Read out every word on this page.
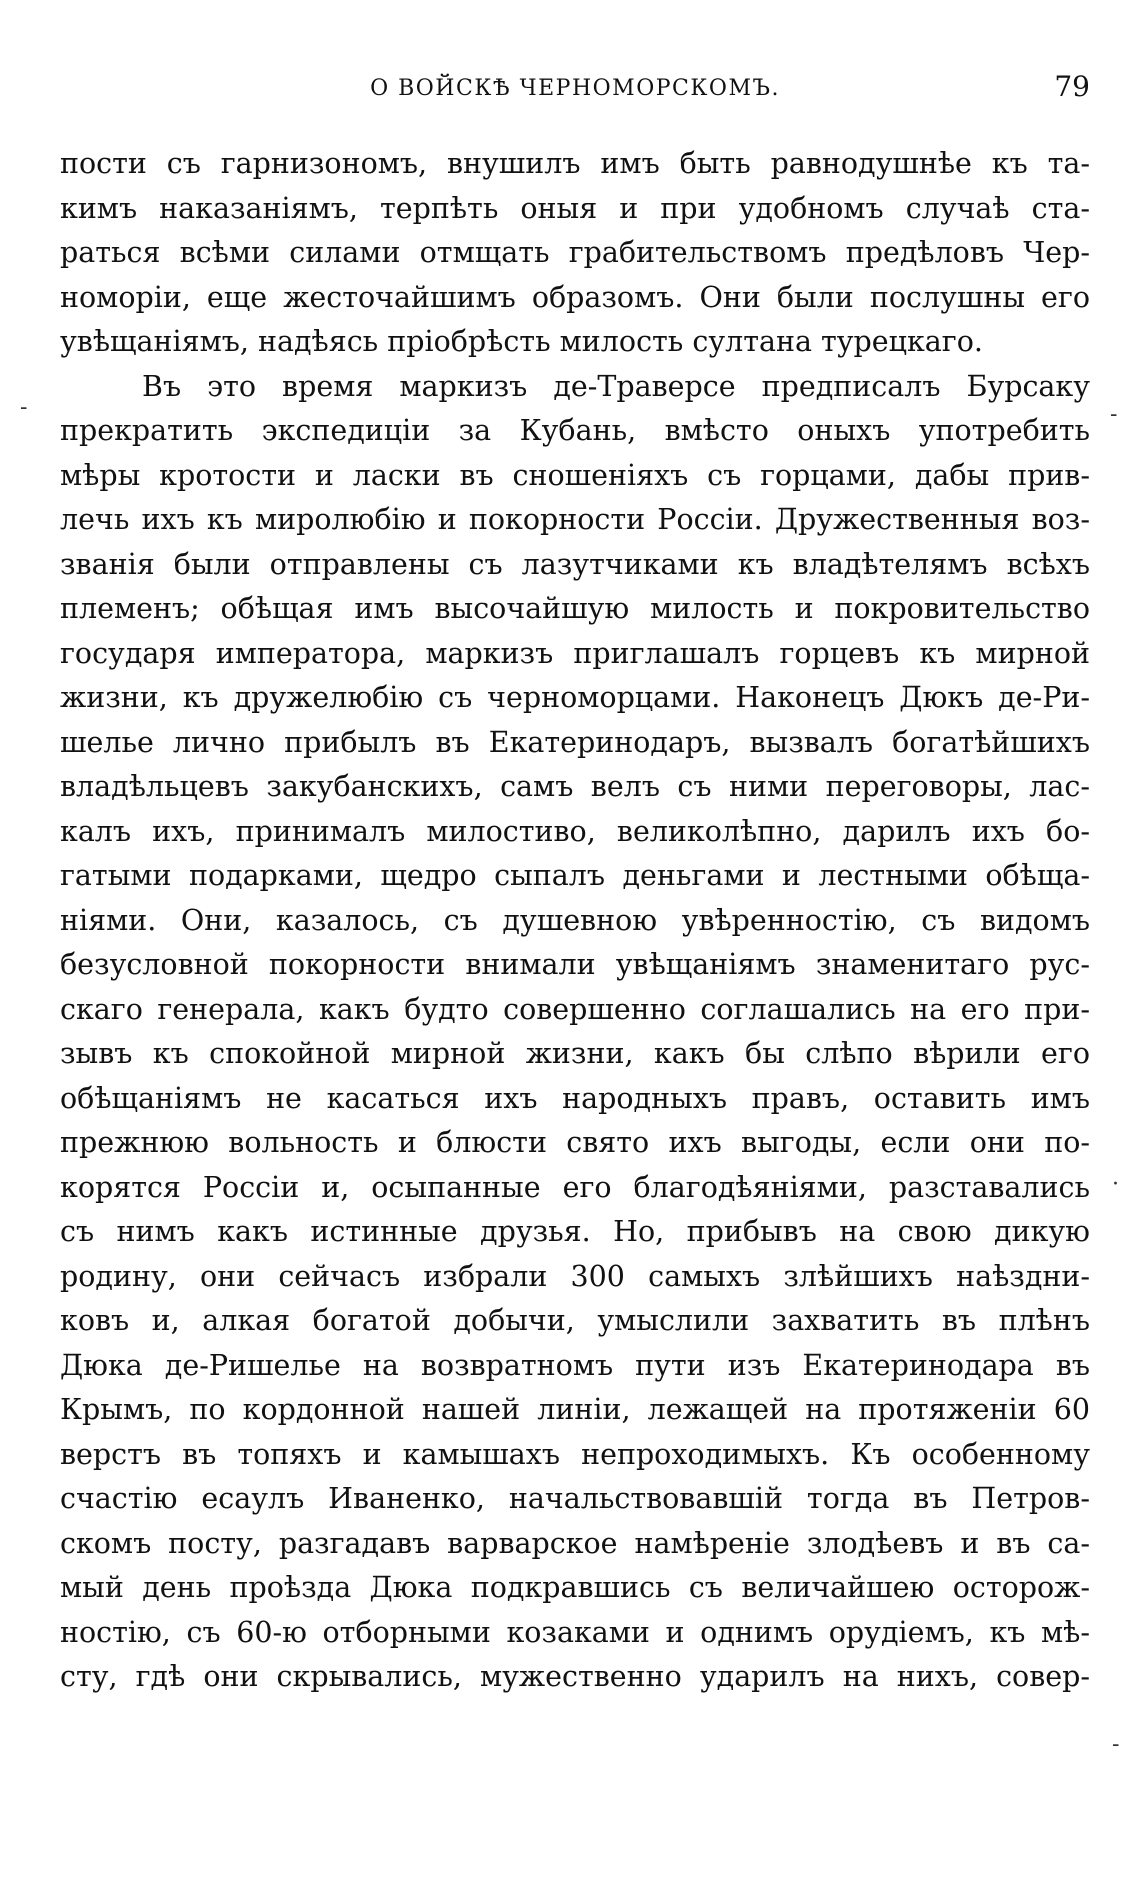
О ВОЙСКѢ ЧЕРНОМОРСКОМЪ.	79
-	-
·
-
пости съ гарнизономъ, внушилъ имъ быть равнодушнѣе къ та-
кимъ наказаніямъ, терпѣть оныя и при удобномъ случаѣ ста-
раться всѣми силами отмщать грабительствомъ предѣловъ Чер-
номоріи, еще жесточайшимъ образомъ. Они были послушны его
увѣщаніямъ, надѣясь пріобрѣсть милость султана турецкаго.
Въ это время маркизъ де-Траверсе предписалъ Бурсаку
прекратить экспедиціи за Кубань, вмѣсто оныхъ употребить
мѣры кротости и ласки въ сношеніяхъ съ горцами, дабы прив-
лечь ихъ къ миролюбію и покорности Россіи. Дружественныя воз-
званія были отправлены съ лазутчиками къ владѣтелямъ всѣхъ
племенъ; обѣщая имъ высочайшую милость и покровительство
государя императора, маркизъ приглашалъ горцевъ къ мирной
жизни, къ дружелюбію съ черноморцами. Наконецъ Дюкъ де-Ри-
шелье лично прибылъ въ Екатеринодаръ, вызвалъ богатѣйшихъ
владѣльцевъ закубанскихъ, самъ велъ съ ними переговоры, лас-
калъ ихъ, принималъ милостиво, великолѣпно, дарилъ ихъ бо-
гатыми подарками, щедро сыпалъ деньгами и лестными обѣща-
ніями. Они, казалось, съ душевною увѣренностію, съ видомъ
безусловной покорности внимали увѣщаніямъ знаменитаго рус-
скаго генерала, какъ будто совершенно соглашались на его при-
зывъ къ спокойной мирной жизни, какъ бы слѣпо вѣрили его
обѣщаніямъ не касаться ихъ народныхъ правъ, оставить имъ
прежнюю вольность и блюсти свято ихъ выгоды, если они по-
корятся Россіи и, осыпанные его благодѣяніями, разставались
съ нимъ какъ истинные друзья. Но, прибывъ на свою дикую
родину, они сейчасъ избрали 300 самыхъ злѣйшихъ наѣздни-
ковъ и, алкая богатой добычи, умыслили захватить въ плѣнъ
Дюка де-Ришелье на возвратномъ пути изъ Екатеринодара въ
Крымъ, по кордонной нашей линіи, лежащей на протяженіи 60
верстъ въ топяхъ и камышахъ непроходимыхъ. Къ особенному
счастію есаулъ Иваненко, начальствовавшій тогда въ Петров-
скомъ посту, разгадавъ варварское намѣреніе злодѣевъ и въ са-
мый день проѣзда Дюка подкравшись съ величайшею осторож-
ностію, съ 60-ю отборными козаками и однимъ орудіемъ, къ мѣ-
сту, гдѣ они скрывались, мужественно ударилъ на нихъ, совер-
